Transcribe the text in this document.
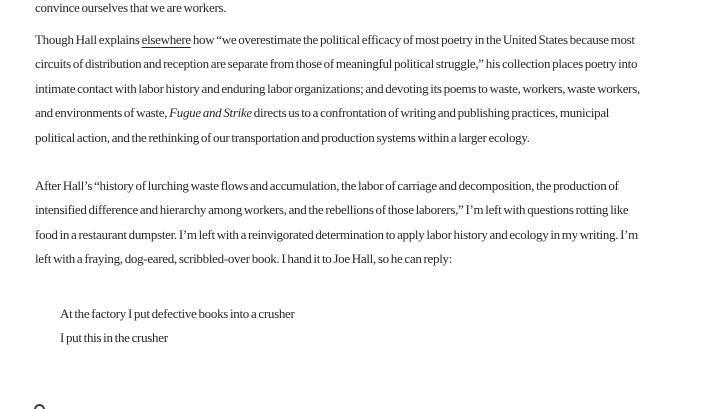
convince ourselves that we are workers.

Though Hall explains elsewhere how “we overestimate the political efficacy of most poetry in the United States because most circuits of distribution and reception are separate from those of meaningful political struggle,” his collection places poetry into intimate contact with labor history and enduring labor organizations; and devoting its poems to waste, workers, waste workers, and environments of waste, Fugue and Strike directs us to a confrontation of writing and publishing practices, municipal political action, and the rethinking of our transportation and production systems within a larger ecology.

After Hall’s “history of lurching waste flows and accumulation, the labor of carriage and decomposition, the production of intensified difference and hierarchy among workers, and the rebellions of those laborers,” I’m left with questions rotting like food in a restaurant dumpster. I’m left with a reinvigorated determination to apply labor history and ecology in my writing. I’m left with a fraying, dog-eared, scribbled-over book. I hand it to Joe Hall, so he can reply:

At the factory I put defective books into a crusher
I put this in the crusher
